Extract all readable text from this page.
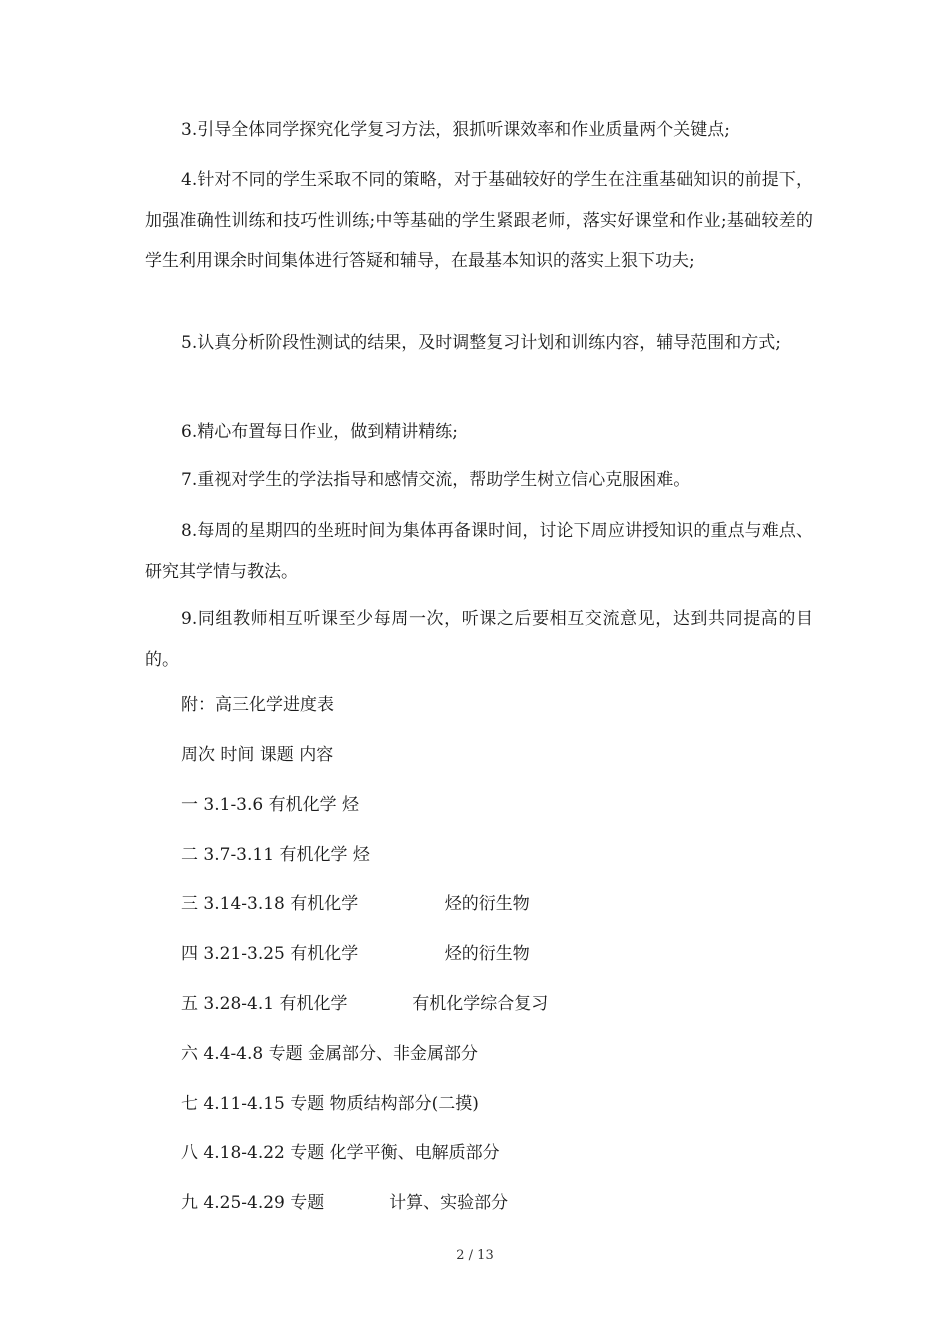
3.引导全体同学探究化学复习方法，狠抓听课效率和作业质量两个关键点;

4.针对不同的学生采取不同的策略，对于基础较好的学生在注重基础知识的前提下，加强准确性训练和技巧性训练;中等基础的学生紧跟老师，落实好课堂和作业;基础较差的学生利用课余时间集体进行答疑和辅导，在最基本知识的落实上狠下功夫;

5.认真分析阶段性测试的结果，及时调整复习计划和训练内容，辅导范围和方式;

6.精心布置每日作业，做到精讲精练;

7.重视对学生的学法指导和感情交流，帮助学生树立信心克服困难。

8.每周的星期四的坐班时间为集体再备课时间，讨论下周应讲授知识的重点与难点、研究其学情与教法。

9.同组教师相互听课至少每周一次，听课之后要相互交流意见，达到共同提高的目的。

附：高三化学进度表

周次 时间 课题 内容

一 3.1-3.6 有机化学 烃

二 3.7-3.11 有机化学 烃

三 3.14-3.18 有机化学                烃的衍生物

四 3.21-3.25 有机化学                烃的衍生物

五 3.28-4.1 有机化学            有机化学综合复习

六 4.4-4.8 专题 金属部分、非金属部分

七 4.11-4.15 专题 物质结构部分(二摸)

八 4.18-4.22 专题 化学平衡、电解质部分

九 4.25-4.29 专题            计算、实验部分

2 / 13
